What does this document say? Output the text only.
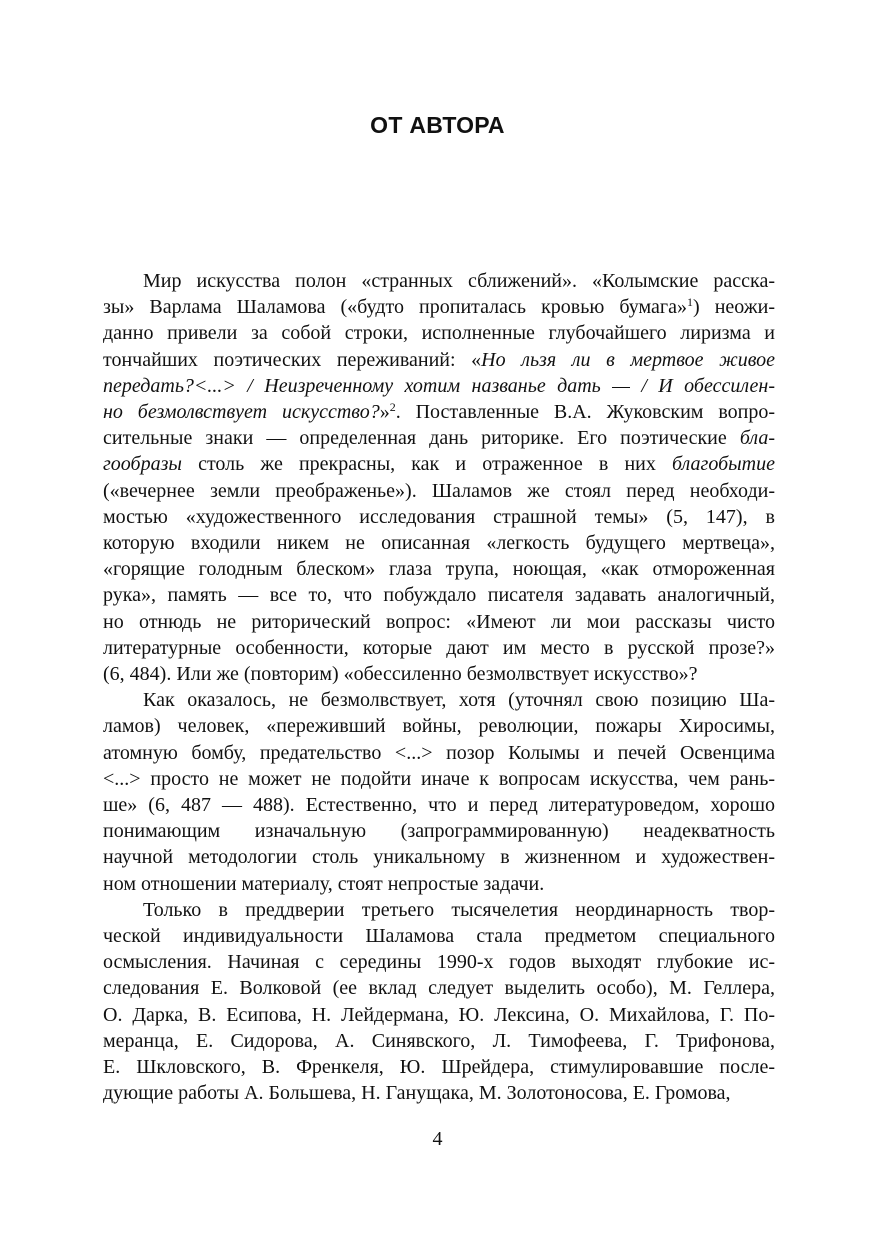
ОТ АВТОРА

Мир искусства полон «странных сближений». «Колымские расска-
зы» Варлама Шаламова («будто пропиталась кровью бумага»$^1$) неожи-
данно привели за собой строки, исполненные глубочайшего лиризма и
тончайших поэтических переживаний: «Но льзя ли в мертвое живое
передать?<...> / Неизреченному хотим названье дать — / И обессилен-
но безмолвствует искусство?»$^2$. Поставленные В.А. Жуковским вопро-
сительные знаки — определенная дань риторике. Его поэтические бла-
гообразы столь же прекрасны, как и отраженное в них благобытие
(«вечернее земли преображенье»). Шаламов же стоял перед необходи-
мостью «художественного исследования страшной темы» (5, 147), в
которую входили никем не описанная «легкость будущего мертвеца»,
«горящие голодным блеском» глаза трупа, ноющая, «как отмороженная
рука», память — все то, что побуждало писателя задавать аналогичный,
но отнюдь не риторический вопрос: «Имеют ли мои рассказы чисто
литературные особенности, которые дают им место в русской прозе?»
(6, 484). Или же (повторим) «обессиленно безмолвствует искусство»?

Как оказалось, не безмолвствует, хотя (уточнял свою позицию Ша-
ламов) человек, «переживший войны, революции, пожары Хиросимы,
атомную бомбу, предательство <...> позор Колымы и печей Освенцима
<...> просто не может не подойти иначе к вопросам искусства, чем рань-
ше» (6, 487 — 488). Естественно, что и перед литературоведом, хорошо
понимающим изначальную (запрограммированную) неадекватность
научной методологии столь уникальному в жизненном и художествен-
ном отношении материалу, стоят непростые задачи.

Только в преддверии третьего тысячелетия неординарность твор-
ческой индивидуальности Шаламова стала предметом специального
осмысления. Начиная с середины 1990-х годов выходят глубокие ис-
следования Е. Волковой (ее вклад следует выделить особо), М. Геллера,
О. Дарка, В. Есипова, Н. Лейдермана, Ю. Лексина, О. Михайлова, Г. По-
меранца, Е. Сидорова, А. Синявского, Л. Тимофеева, Г. Трифонова,
Е. Шкловского, В. Френкеля, Ю. Шрейдера, стимулировавшие после-
дующие работы А. Большева, Н. Ганущака, М. Золотоносова, Е. Громова,

4
